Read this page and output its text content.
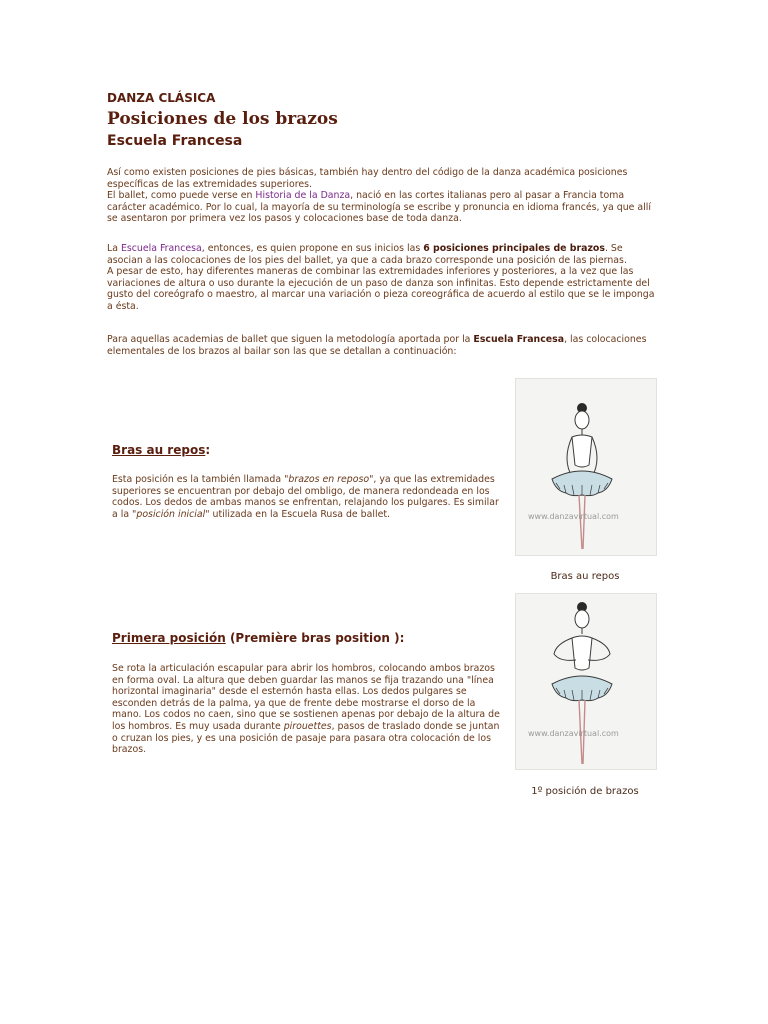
DANZA CLÁSICA
Posiciones de los brazos
Escuela Francesa

Así como existen posiciones de pies básicas, también hay dentro del código de la danza académica posiciones

específicas de las extremidades superiores.

El ballet, como puede verse en Historia de la Danza, nació en las cortes italianas pero al pasar a Francia toma

carácter académico. Por lo cual, la mayoría de su terminología se escribe y pronuncia en idioma francés, ya que allí

se asentaron por primera vez los pasos y colocaciones base de toda danza.

La Escuela Francesa, entonces, es quien propone en sus inicios las 6 posiciones principales de brazos. Se

asocian a las colocaciones de los pies del ballet, ya que a cada brazo corresponde una posición de las piernas.

A pesar de esto, hay diferentes maneras de combinar las extremidades inferiores y posteriores, a la vez que las

variaciones de altura o uso durante la ejecución de un paso de danza son infinitas. Esto depende estrictamente del

gusto del coreógrafo o maestro, al marcar una variación o pieza coreográfica de acuerdo al estilo que se le imponga

a ésta.

Para aquellas academias de ballet que siguen la metodología aportada por la Escuela Francesa, las colocaciones

elementales de los brazos al bailar son las que se detallan a continuación:

Bras au repos:
Esta posición es la también llamada "brazos en reposo", ya que las extremidades
superiores se encuentran por debajo del ombligo, de manera redondeada en los
codos. Los dedos de ambas manos se enfrentan, relajando los pulgares. Es similar
a la "posición inicial" utilizada en la Escuela Rusa de ballet.	www.danzavirtual.com
Bras au repos
Primera posición (Première bras position ):
Se rota la articulación escapular para abrir los hombros, colocando ambos brazos
en forma oval. La altura que deben guardar las manos se fija trazando una "línea
horizontal imaginaria" desde el esternón hasta ellas. Los dedos pulgares se
esconden detrás de la palma, ya que de frente debe mostrarse el dorso de la
mano. Los codos no caen, sino que se sostienen apenas por debajo de la altura de
los hombros. Es muy usada durante pirouettes, pasos de traslado donde se juntan
o cruzan los pies, y es una posición de pasaje para pasara otra colocación de los
brazos.
www.danzavirtual.com
1º posición de brazos
